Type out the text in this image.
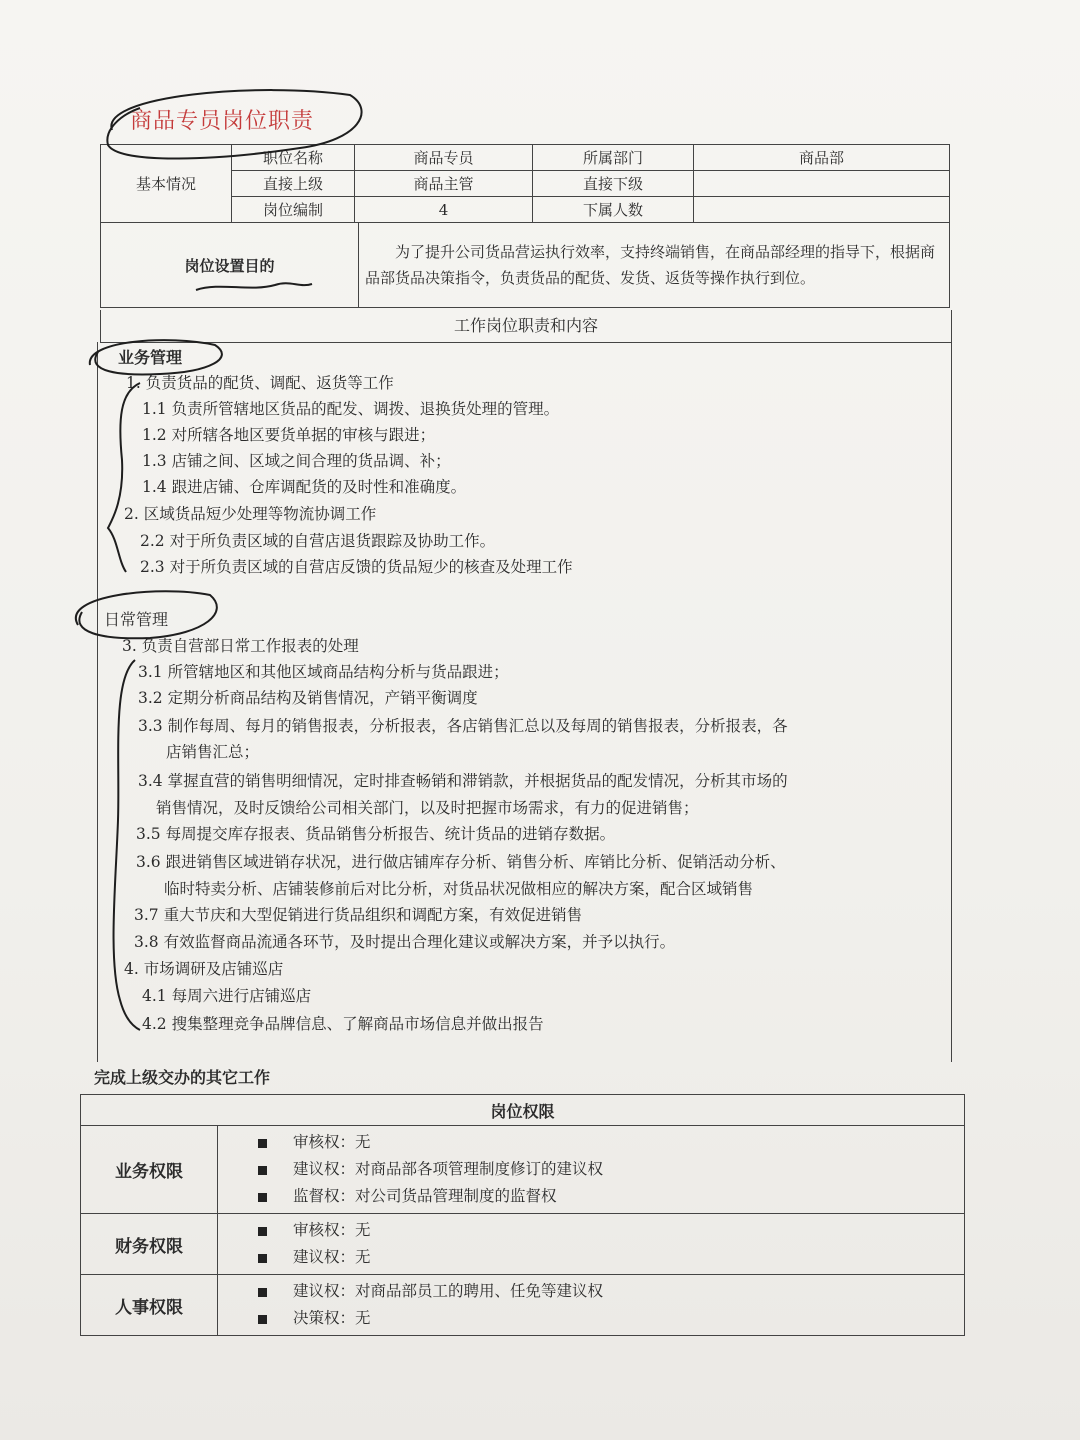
商品专员岗位职责
基本情况	职位名称	商品专员	所属部门	商品部
	直接上级	商品主管	直接下级	
	岗位编制	4	下属人数	
岗位设置目的	为了提升公司货品营运执行效率，支持终端销售，在商品部经理的指导下，根据商品部货品决策指令，负责货品的配货、发货、返货等操作执行到位。
工作岗位职责和内容
业务管理
1. 负责货品的配货、调配、返货等工作
1.1 负责所管辖地区货品的配发、调拨、退换货处理的管理。
1.2 对所辖各地区要货单据的审核与跟进；
1.3 店铺之间、区域之间合理的货品调、补；
1.4 跟进店铺、仓库调配货的及时性和准确度。
2. 区域货品短少处理等物流协调工作
2.2 对于所负责区域的自营店退货跟踪及协助工作。
2.3 对于所负责区域的自营店反馈的货品短少的核查及处理工作
日常管理
3. 负责自营部日常工作报表的处理
3.1 所管辖地区和其他区域商品结构分析与货品跟进；
3.2 定期分析商品结构及销售情况，产销平衡调度
3.3 制作每周、每月的销售报表，分析报表，各店销售汇总以及每周的销售报表，分析报表，各
店销售汇总；
3.4 掌握直营的销售明细情况，定时排查畅销和滞销款，并根据货品的配发情况，分析其市场的
销售情况，及时反馈给公司相关部门，以及时把握市场需求，有力的促进销售；
3.5 每周提交库存报表、货品销售分析报告、统计货品的进销存数据。
3.6 跟进销售区域进销存状况，进行做店铺库存分析、销售分析、库销比分析、促销活动分析、
临时特卖分析、店铺装修前后对比分析，对货品状况做相应的解决方案，配合区域销售
3.7 重大节庆和大型促销进行货品组织和调配方案，有效促进销售
3.8 有效监督商品流通各环节，及时提出合理化建议或解决方案，并予以执行。
4. 市场调研及店铺巡店
4.1 每周六进行店铺巡店
4.2 搜集整理竞争品牌信息、了解商品市场信息并做出报告
完成上级交办的其它工作
岗位权限	
业务权限	审核权：无
建议权：对商品部各项管理制度修订的建议权
监督权：对公司货品管理制度的监督权

财务权限	审核权：无
建议权：无

人事权限	建议权：对商品部员工的聘用、任免等建议权
决策权：无
